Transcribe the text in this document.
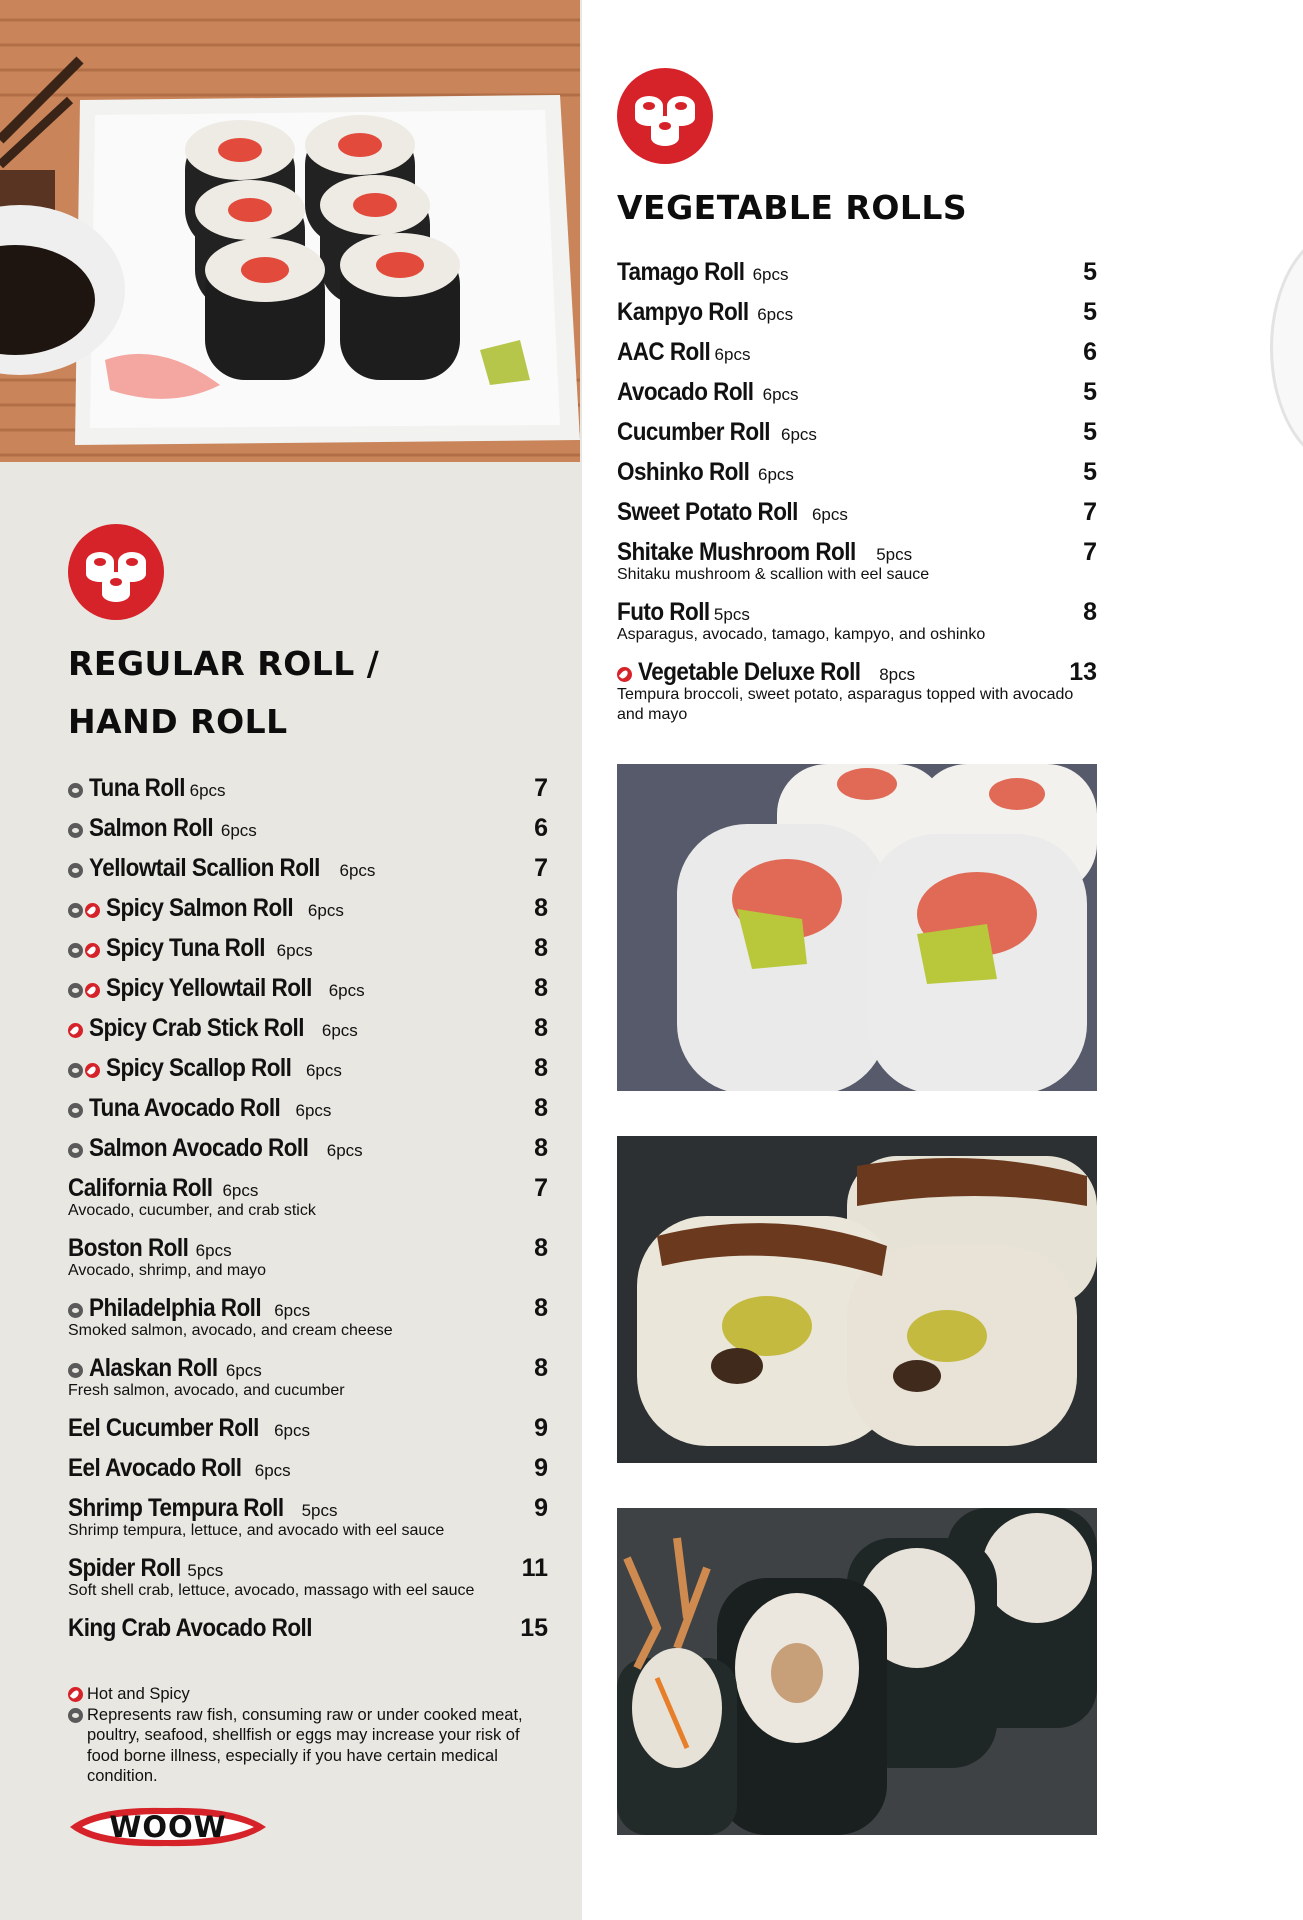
REGULAR ROLL /
HAND ROLL
VEGETABLE ROLLS
Tuna Roll 6pcs	7
Salmon Roll 6pcs	6
Yellowtail Scallion Roll 6pcs	7
Spicy Salmon Roll 6pcs	8
Spicy Tuna Roll 6pcs	8
Spicy Yellowtail Roll 6pcs	8
Spicy Crab Stick Roll 6pcs	8
Spicy Scallop Roll 6pcs	8
Tuna Avocado Roll 6pcs	8
Salmon Avocado Roll 6pcs	8
California Roll 6pcs	7
Avocado, cucumber, and crab stick
Boston Roll 6pcs	8
Avocado, shrimp, and mayo
Philadelphia Roll 6pcs	8
Smoked salmon, avocado, and cream cheese
Alaskan Roll 6pcs	8
Fresh salmon, avocado, and cucumber
Eel Cucumber Roll 6pcs	9
Eel Avocado Roll 6pcs	9
Shrimp Tempura Roll 5pcs	9
Shrimp tempura, lettuce, and avocado with eel sauce
Spider Roll 5pcs	11
Soft shell crab, lettuce, avocado, massago with eel sauce
King Crab Avocado Roll	15
Tamago Roll 6pcs	5
Kampyo Roll 6pcs	5
AAC Roll 6pcs	6
Avocado Roll 6pcs	5
Cucumber Roll 6pcs	5
Oshinko Roll 6pcs	5
Sweet Potato Roll 6pcs	7
Shitake Mushroom Roll 5pcs	7
Shitaku mushroom & scallion with eel sauce
Futo Roll 5pcs	8
Asparagus, avocado, tamago, kampyo, and oshinko
Vegetable Deluxe Roll 8pcs	13
Tempura broccoli, sweet potato, asparagus topped with avocado and mayo
Hot and Spicy
Represents raw fish, consuming raw or under cooked meat, poultry, seafood, shellfish or eggs may increase your risk of food borne illness, especially if you have certain medical condition.
WOOW
